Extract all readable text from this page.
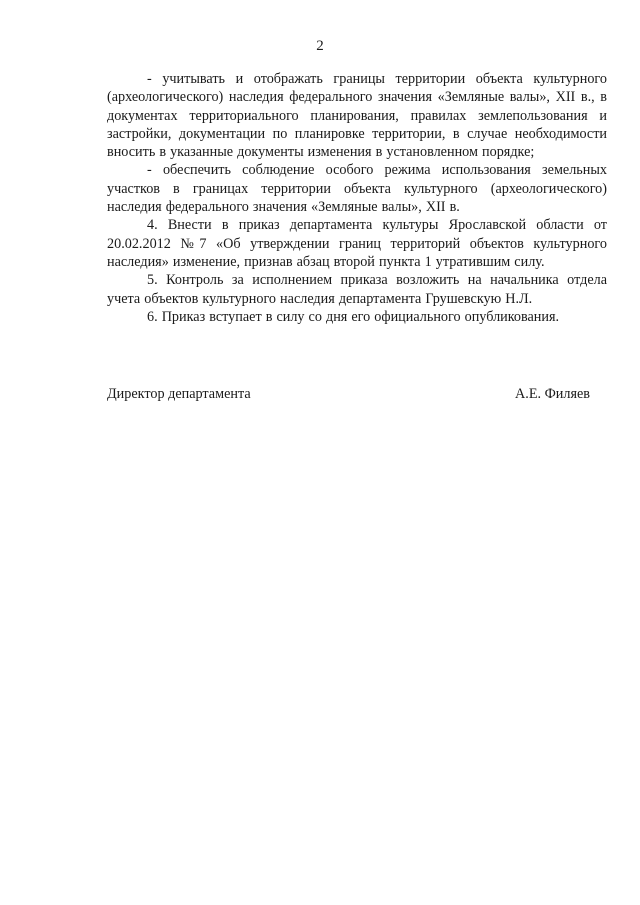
2

- учитывать и отображать границы территории объекта культурного (археологического) наследия федерального значения «Земляные валы», XII в., в документах территориального планирования, правилах землепользования и застройки, документации по планировке территории, в случае необходимости вносить в указанные документы изменения в установленном порядке;

- обеспечить соблюдение особого режима использования земельных участков в границах территории объекта культурного (археологического) наследия федерального значения «Земляные валы», XII в.

4. Внести в приказ департамента культуры Ярославской области от 20.02.2012 №7 «Об утверждении границ территорий объектов культурного наследия» изменение, признав абзац второй пункта 1 утратившим силу.

5. Контроль за исполнением приказа возложить на начальника отдела учета объектов культурного наследия департамента Грушевскую Н.Л.

6. Приказ вступает в силу со дня его официального опубликования.

Директор департамента	А.Е. Филяев
